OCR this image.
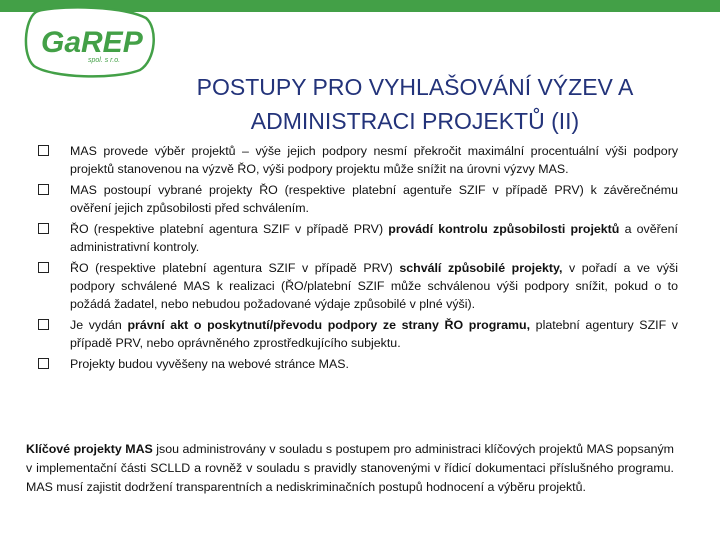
GaREP
spol. s r.o.
POSTUPY PRO VYHLAŠOVÁNÍ VÝZEV A
ADMINISTRACI PROJEKTŮ (II)
MAS provede výběr projektů – výše jejich podpory nesmí překročit maximální procentuální výši podpory projektů stanovenou na výzvě ŘO, výši podpory projektu může snížit na úrovni výzvy MAS.
MAS postoupí vybrané projekty ŘO (respektive platební agentuře SZIF v případě PRV) k závěrečnému ověření jejich způsobilosti před schválením.
ŘO (respektive platební agentura SZIF v případě PRV) provádí kontrolu způsobilosti projektů a ověření administrativní kontroly.
ŘO (respektive platební agentura SZIF v případě PRV) schválí způsobilé projekty, v pořadí a ve výši podpory schválené MAS k realizaci (ŘO/platební SZIF může schválenou výši podpory snížit, pokud o to požádá žadatel, nebo nebudou požadované výdaje způsobilé v plné výši).
Je vydán právní akt o poskytnutí/převodu podpory ze strany ŘO programu, platební agentury SZIF v případě PRV, nebo oprávněného zprostředkujícího subjektu.
Projekty budou vyvěšeny na webové stránce MAS.
Klíčové projekty MAS jsou administrovány v souladu s postupem pro administraci klíčových projektů MAS popsaným v implementační části SCLLD a rovněž v souladu s pravidly stanovenými v řídicí dokumentaci příslušného programu. MAS musí zajistit dodržení transparentních a nediskriminačních postupů hodnocení a výběru projektů.
